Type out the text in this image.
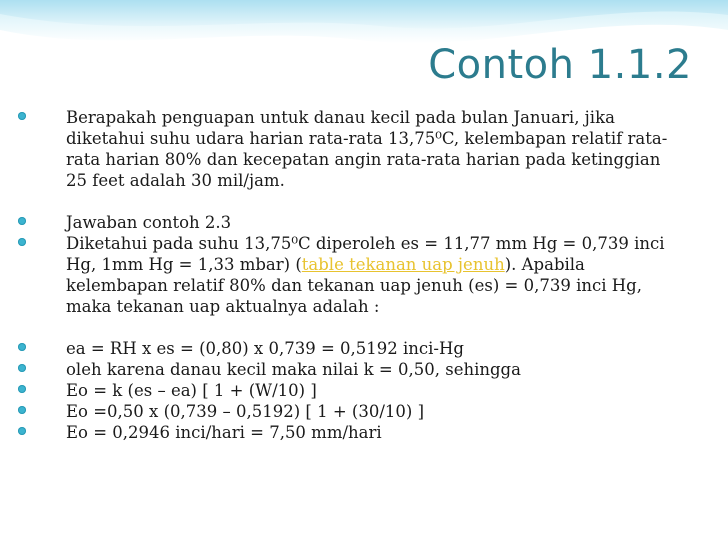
Contoh 1.1.2
Berapakah penguapan untuk danau kecil pada bulan Januari, jika
diketahui suhu udara harian rata-rata 13,75⁰C, kelembapan relatif rata-
rata harian 80% dan kecepatan angin rata-rata harian pada ketinggian
25 feet adalah 30 mil/jam.
Jawaban contoh 2.3
Diketahui pada suhu 13,75⁰C diperoleh es = 11,77 mm Hg = 0,739 inci
Hg, 1mm Hg = 1,33 mbar) (table tekanan uap jenuh). Apabila
kelembapan relatif 80% dan tekanan uap jenuh (es) = 0,739 inci Hg,
maka tekanan uap aktualnya adalah :
ea = RH x es = (0,80) x 0,739 = 0,5192 inci-Hg
oleh karena danau kecil maka nilai k = 0,50, sehingga
Eo = k (es – ea) [ 1 + (W/10) ]
Eo =0,50 x (0,739 – 0,5192) [ 1 + (30/10) ]
Eo = 0,2946 inci/hari = 7,50 mm/hari
